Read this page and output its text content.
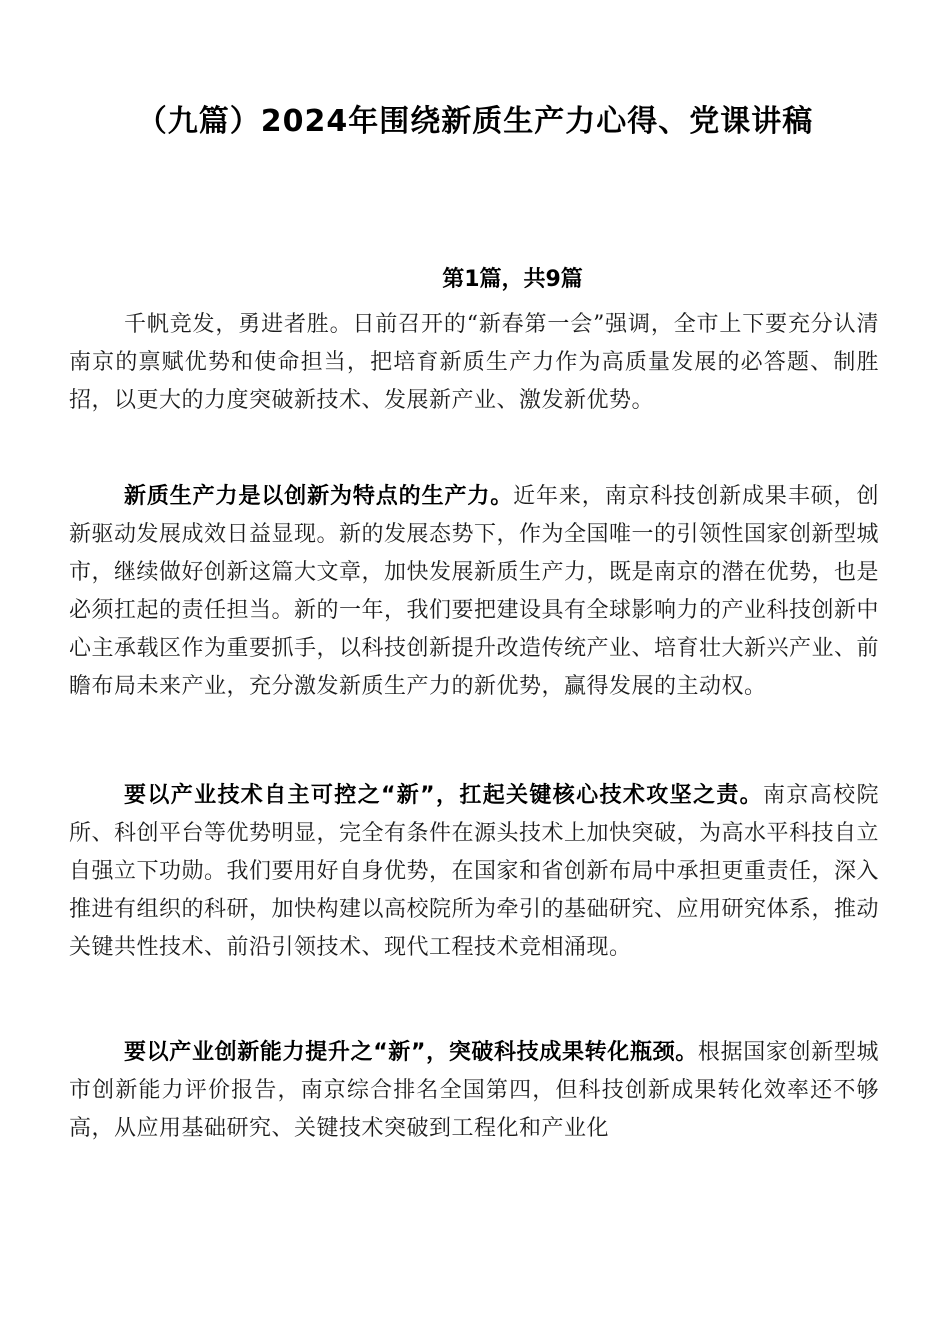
（九篇）2024年围绕新质生产力心得、党课讲稿
第1篇，共9篇

千帆竞发，勇进者胜。日前召开的“新春第一会”强调，全市上下要充分认清南京的禀赋优势和使命担当，把培育新质生产力作为高质量发展的必答题、制胜招，以更大的力度突破新技术、发展新产业、激发新优势。

新质生产力是以创新为特点的生产力。近年来，南京科技创新成果丰硕，创新驱动发展成效日益显现。新的发展态势下，作为全国唯一的引领性国家创新型城市，继续做好创新这篇大文章，加快发展新质生产力，既是南京的潜在优势，也是必须扛起的责任担当。新的一年，我们要把建设具有全球影响力的产业科技创新中心主承载区作为重要抓手，以科技创新提升改造传统产业、培育壮大新兴产业、前瞻布局未来产业，充分激发新质生产力的新优势，赢得发展的主动权。

要以产业技术自主可控之“新”，扛起关键核心技术攻坚之责。南京高校院所、科创平台等优势明显，完全有条件在源头技术上加快突破，为高水平科技自立自强立下功勋。我们要用好自身优势，在国家和省创新布局中承担更重责任，深入推进有组织的科研，加快构建以高校院所为牵引的基础研究、应用研究体系，推动关键共性技术、前沿引领技术、现代工程技术竞相涌现。

要以产业创新能力提升之“新”，突破科技成果转化瓶颈。根据国家创新型城市创新能力评价报告，南京综合排名全国第四，但科技创新成果转化效率还不够高，从应用基础研究、关键技术突破到工程化和产业化
